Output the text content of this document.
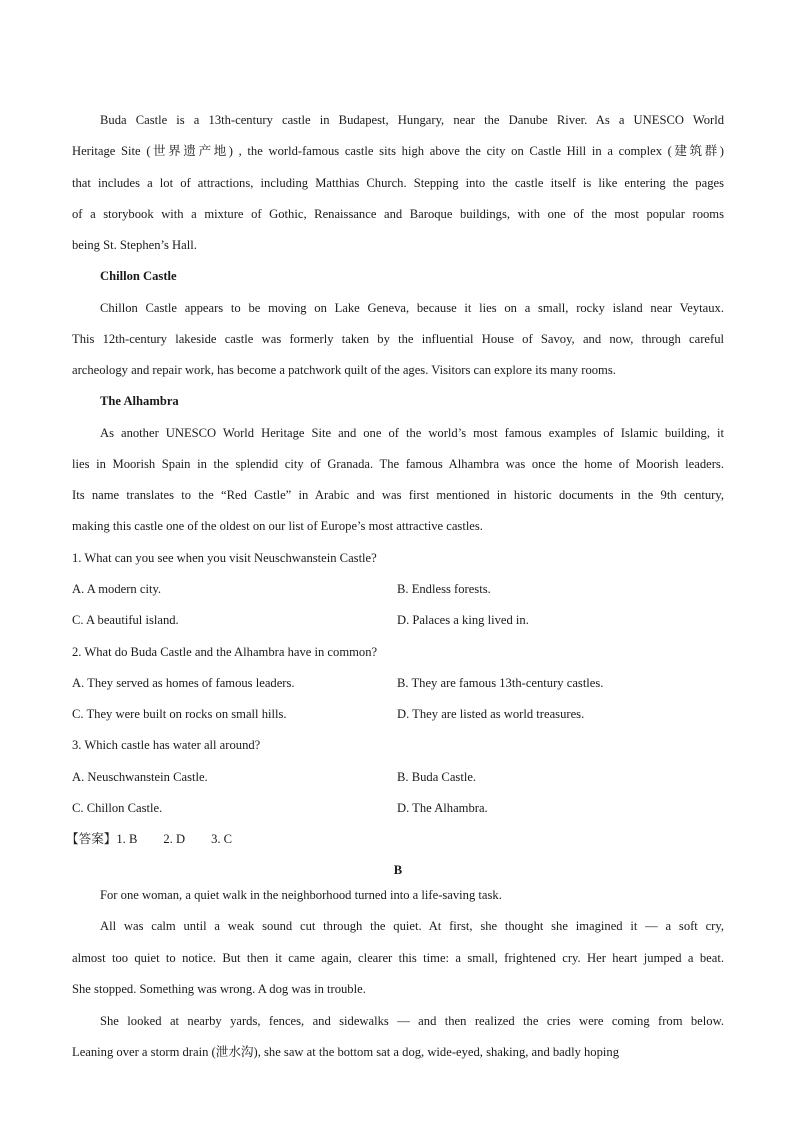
Buda Castle is a 13th-century castle in Budapest, Hungary, near the Danube River. As a UNESCO World
Heritage Site (世界遗产地) , the world-famous castle sits high above the city on Castle Hill in a complex (建筑群)
that includes a lot of attractions, including Matthias Church. Stepping into the castle itself is like entering the pages
of a storybook with a mixture of Gothic, Renaissance and Baroque buildings, with one of the most popular rooms
being St. Stephen’s Hall.
Chillon Castle
Chillon Castle appears to be moving on Lake Geneva, because it lies on a small, rocky island near Veytaux.
This 12th-century lakeside castle was formerly taken by the influential House of Savoy, and now, through careful
archeology and repair work, has become a patchwork quilt of the ages. Visitors can explore its many rooms.
The Alhambra
As another UNESCO World Heritage Site and one of the world’s most famous examples of Islamic building, it
lies in Moorish Spain in the splendid city of Granada. The famous Alhambra was once the home of Moorish leaders.
Its name translates to the “Red Castle” in Arabic and was first mentioned in historic documents in the 9th century,
making this castle one of the oldest on our list of Europe’s most attractive castles.
1. What can you see when you visit Neuschwanstein Castle?
A. A modern city.	B. Endless forests.
C. A beautiful island.	D. Palaces a king lived in.
2. What do Buda Castle and the Alhambra have in common?
A. They served as homes of famous leaders.	B. They are famous 13th-century castles.
C. They were built on rocks on small hills.	D. They are listed as world treasures.
3. Which castle has water all around?
A. Neuschwanstein Castle.	B. Buda Castle.
C. Chillon Castle.	D. The Alhambra.
【答案】1. B 2. D 3. C
B
For one woman, a quiet walk in the neighborhood turned into a life-saving task.
All was calm until a weak sound cut through the quiet. At first, she thought she imagined it — a soft cry,
almost too quiet to notice. But then it came again, clearer this time: a small, frightened cry. Her heart jumped a beat.
She stopped. Something was wrong. A dog was in trouble.
She looked at nearby yards, fences, and sidewalks — and then realized the cries were coming from below.
Leaning over a storm drain (泄水沟), she saw at the bottom sat a dog, wide-eyed, shaking, and badly hoping
